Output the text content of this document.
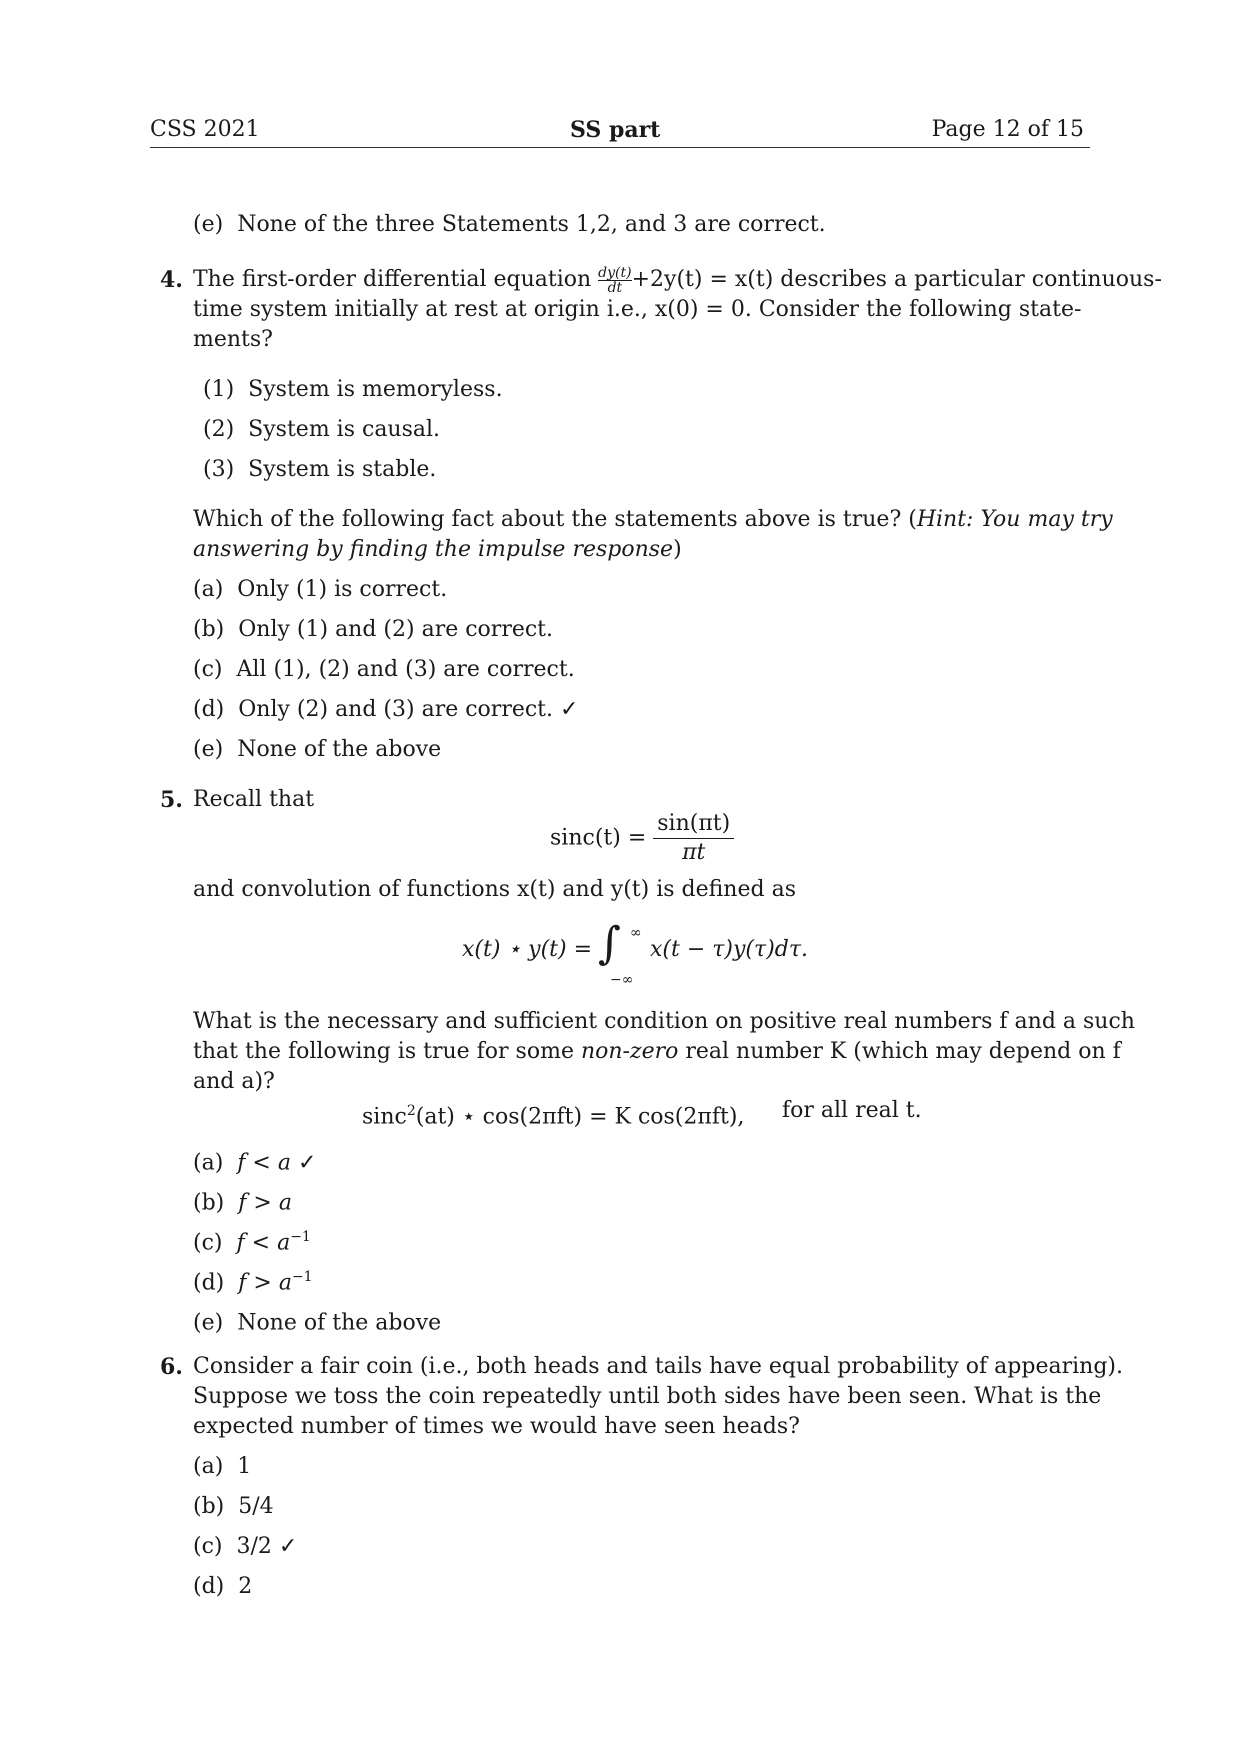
CSS 2021	SS part	Page 12 of 15
(e) None of the three Statements 1,2, and 3 are correct.
4. The first-order differential equation $\frac{dy(t)}{dt} +2y(t) = x(t)$ describes a particular continuous-
time system initially at rest at origin i.e., x(0) = 0. Consider the following state-
ments?
(1) System is memoryless.
(2) System is causal.
(3) System is stable.
Which of the following fact about the statements above is true? (Hint: You may try
answering by finding the impulse response)
(a) Only (1) is correct.
(b) Only (1) and (2) are correct.
(c) All (1), (2) and (3) are correct.
(d) Only (2) and (3) are correct. ✓
(e) None of the above
5. Recall that
$\sin c(t) = \frac{\sin(\pi t)}{\pi t}$
and convolution of functions x(t) and y(t) is defined as
x(t) ⋆ y(t) = ∫ ∞
−∞
x(t − τ)y(τ)dτ.
What is the necessary and sufficient condition on positive real numbers f and a such
that the following is true for some non-zero real number K (which may depend on f
and a)?
sinc$^2$(at) ⋆ cos(2πft) = K cos(2πft), for all real t.
(a) f < a ✓
(b) f > a
(c) $f < a^{-1}$
(d) $f > a^{-1}$
(e) None of the above
6. Consider a fair coin (i.e., both heads and tails have equal probability of appearing).
Suppose we toss the coin repeatedly until both sides have been seen. What is the
expected number of times we would have seen heads?
(a) 1
(b) 5/4
(c) 3/2 ✓
(d) 2
